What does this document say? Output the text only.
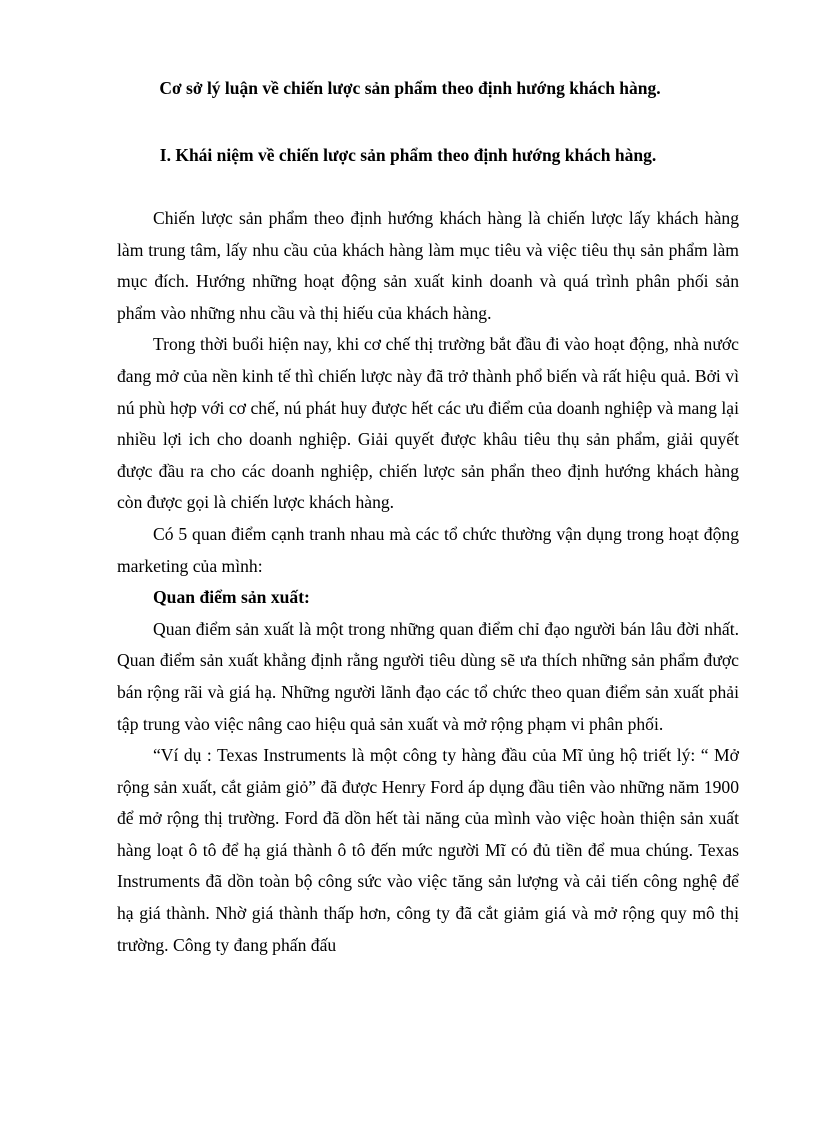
Cơ sở lý luận về chiến lược sản phẩm theo định hướng khách hàng.
I. Khái niệm về chiến lược sản phẩm theo định hướng khách hàng.

Chiến lược sản phẩm theo định hướng khách hàng là chiến lược lấy khách hàng làm trung tâm, lấy nhu cầu của khách hàng làm mục tiêu và việc tiêu thụ sản phẩm làm mục đích. Hướng những hoạt động sản xuất kinh doanh và quá trình phân phối sản phẩm vào những nhu cầu và thị hiếu của khách hàng.

Trong thời buổi hiện nay, khi cơ chế thị trường bắt đầu đi vào hoạt động, nhà nước đang mở của nền kinh tế thì chiến lược này đã trở thành phổ biến và rất hiệu quả. Bởi vì nú phù hợp với cơ chế, nú phát huy được hết các ưu điểm của doanh nghiệp và mang lại nhiều lợi ich cho doanh nghiệp. Giải quyết được khâu tiêu thụ sản phẩm, giải quyết được đầu ra cho các doanh nghiệp, chiến lược sản phẩn theo định hướng khách hàng còn được gọi là chiến lược khách hàng.

Có 5 quan điểm cạnh tranh nhau mà các tổ chức thường vận dụng trong hoạt động marketing của mình:

Quan điểm sản xuất:

Quan điểm sản xuất là một trong những quan điểm chỉ đạo người bán lâu đời nhất. Quan điểm sản xuất khẳng định rằng người tiêu dùng sẽ ưa thích những sản phẩm được bán rộng rãi và giá hạ. Những người lãnh đạo các tổ chức theo quan điểm sản xuất phải tập trung vào việc nâng cao hiệu quả sản xuất và mở rộng phạm vi phân phối.

“Ví dụ : Texas Instruments là một công ty hàng đầu của Mĩ ủng hộ triết lý: “ Mở rộng sản xuất, cắt giảm giỏ” đã được Henry Ford áp dụng đầu tiên vào những năm 1900 để mở rộng thị trường. Ford đã dồn hết tài năng của mình vào việc hoàn thiện sản xuất hàng loạt ô tô để hạ giá thành ô tô đến mức người Mĩ có đủ tiền để mua chúng. Texas Instruments đã dồn toàn bộ công sức vào việc tăng sản lượng và cải tiến công nghệ để hạ giá thành. Nhờ giá thành thấp hơn, công ty đã cắt giảm giá và mở rộng quy mô thị trường. Công ty đang phấn đấu
